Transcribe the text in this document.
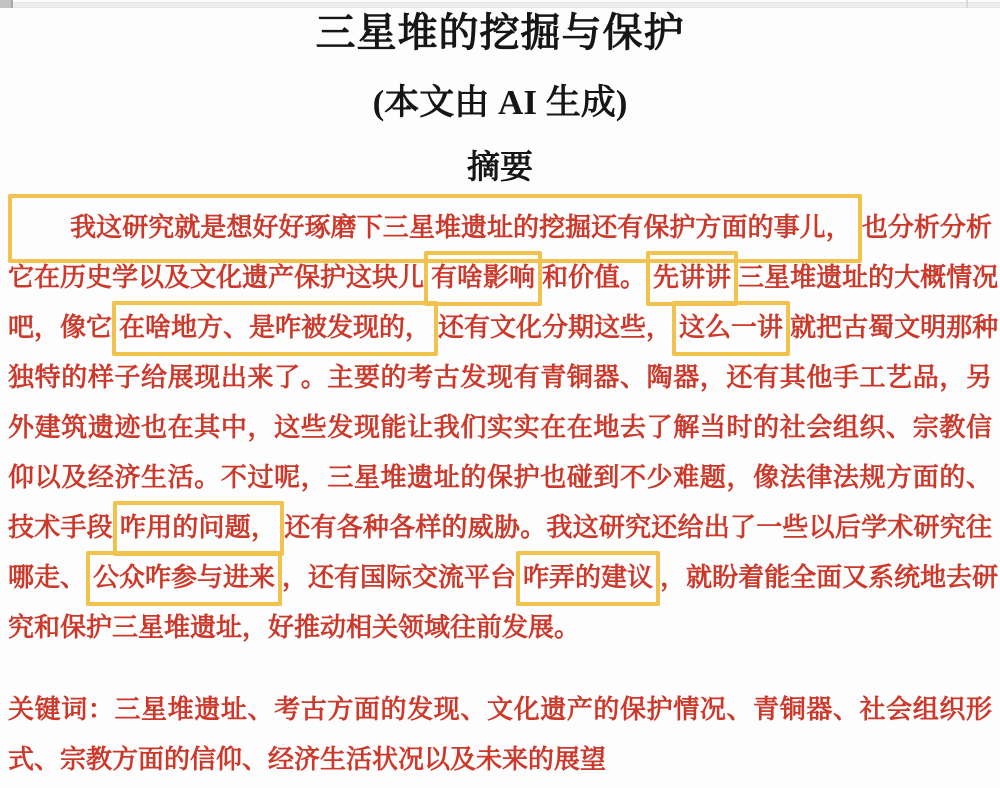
三星堆的挖掘与保护
(本文由 AI 生成)
摘要
　　我这研究就是想好好琢磨下三星堆遗址的挖掘还有保护方面的事儿， 也分析分析
它在历史学以及文化遗产保护这块儿 有啥影响 和价值。 先讲讲 三星堆遗址的大概情况
吧，像它 在啥地方、是咋被发现的， 还有文化分期这些， 这么一讲 就把古蜀文明那种
独特的样子给展现出来了。主要的考古发现有青铜器、陶器，还有其他手工艺品，另
外建筑遗迹也在其中，这些发现能让我们实实在在地去了解当时的社会组织、宗教信
仰以及经济生活。不过呢，三星堆遗址的保护也碰到不少难题，像法律法规方面的、
技术手段 咋用的问题， 还有各种各样的威胁。我这研究还给出了一些以后学术研究往
哪走、 公众咋参与进来 ，还有国际交流平台 咋弄的建议 ，就盼着能全面又系统地去研
究和保护三星堆遗址，好推动相关领域往前发展。
关键词：三星堆遗址、考古方面的发现、文化遗产的保护情况、青铜器、社会组织形
式、宗教方面的信仰、经济生活状况以及未来的展望
